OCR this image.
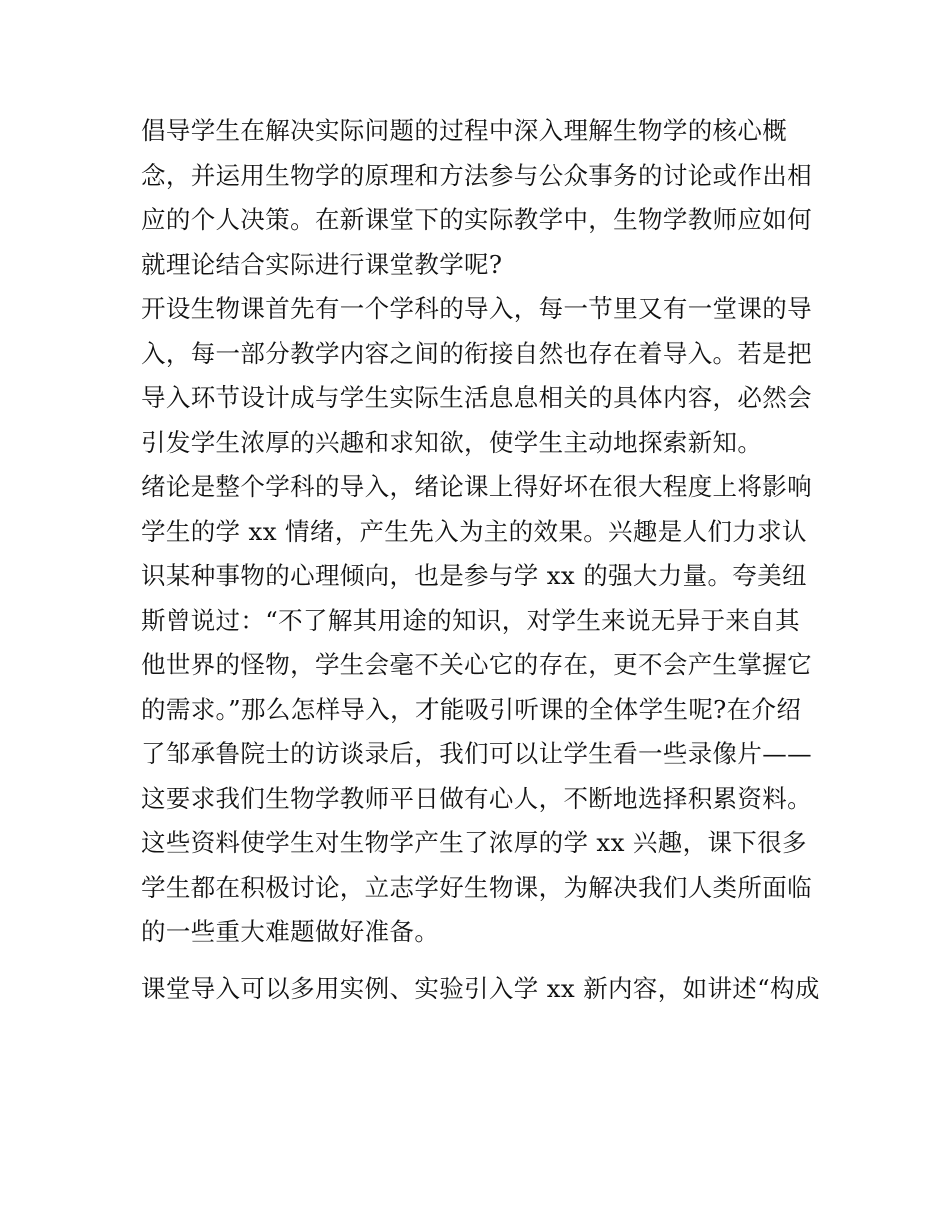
倡导学生在解决实际问题的过程中深入理解生物学的核心概
念，并运用生物学的原理和方法参与公众事务的讨论或作出相
应的个人决策。在新课堂下的实际教学中，生物学教师应如何
就理论结合实际进行课堂教学呢?
开设生物课首先有一个学科的导入，每一节里又有一堂课的导
入，每一部分教学内容之间的衔接自然也存在着导入。若是把
导入环节设计成与学生实际生活息息相关的具体内容，必然会
引发学生浓厚的兴趣和求知欲，使学生主动地探索新知。
绪论是整个学科的导入，绪论课上得好坏在很大程度上将影响
学生的学 xx 情绪，产生先入为主的效果。兴趣是人们力求认
识某种事物的心理倾向，也是参与学 xx 的强大力量。夸美纽
斯曾说过：“不了解其用途的知识，对学生来说无异于来自其
他世界的怪物，学生会毫不关心它的存在，更不会产生掌握它
的需求。”那么怎样导入，才能吸引听课的全体学生呢?在介绍
了邹承鲁院士的访谈录后，我们可以让学生看一些录像片——
这要求我们生物学教师平日做有心人，不断地选择积累资料。
这些资料使学生对生物学产生了浓厚的学 xx 兴趣，课下很多
学生都在积极讨论，立志学好生物课，为解决我们人类所面临
的一些重大难题做好准备。
课堂导入可以多用实例、实验引入学 xx 新内容，如讲述“构成
